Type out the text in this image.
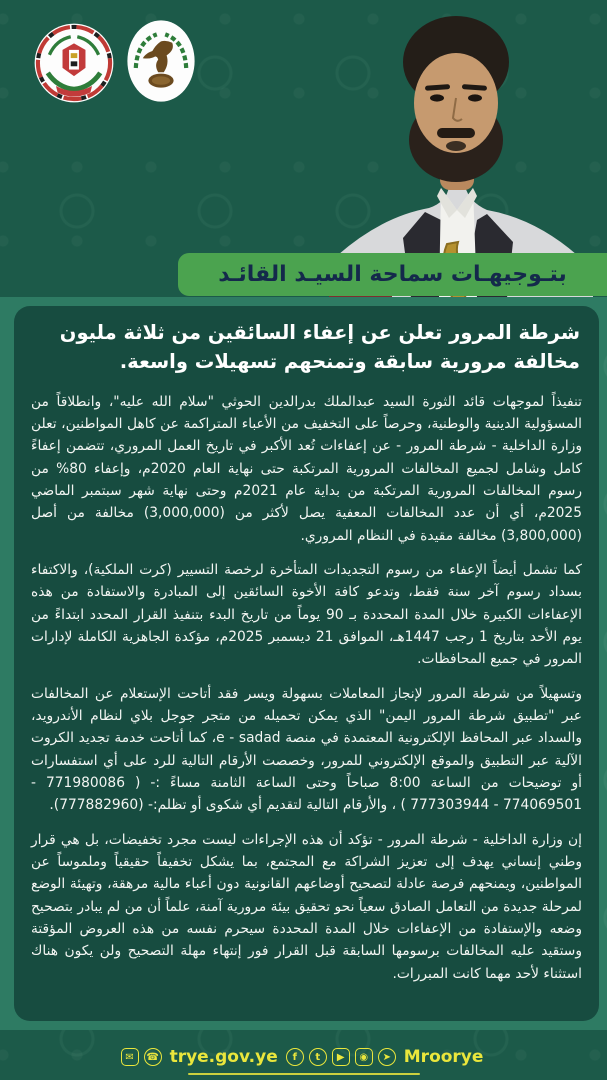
بتـوجيهـات سماحة السيـد القائـد
شرطة المرور تعلن عن إعفاء السائقين من ثلاثة مليون مخالفة مرورية سابقة وتمنحهم تسهيلات واسعة.

تنفيذاً لموجهات قائد الثورة السيد عبدالملك بدرالدين الحوثي "سلام الله عليه"، وانطلاقاً من المسؤولية الدينية والوطنية، وحرصاً على التخفيف من الأعباء المتراكمة عن كاهل المواطنين، تعلن وزارة الداخلية - شرطة المرور - عن إعفاءات تُعد الأكبر في تاريخ العمل المروري، تتضمن إعفاءً كامل وشامل لجميع المخالفات المرورية المرتكبة حتى نهاية العام 2020م، وإعفاء 80% من رسوم المخالفات المرورية المرتكبة من بداية عام 2021م وحتى نهاية شهر سبتمبر الماضي 2025م، أي أن عدد المخالفات المعفية يصل لأكثر من (3,000,000) مخالفة من أصل (3,800,000) مخالفة مقيدة في النظام المروري.

كما تشمل أيضاً الإعفاء من رسوم التجديدات المتأخرة لرخصة التسيير (كرت الملكية)، والاكتفاء بسداد رسوم آخر سنة فقط، وتدعو كافة الأخوة السائقين إلى المبادرة والاستفادة من هذه الإعفاءات الكبيرة خلال المدة المحددة بـ 90 يوماً من تاريخ البدء بتنفيذ القرار المحدد ابتداءً من يوم الأحد بتاريخ 1 رجب 1447هـ، الموافق 21 ديسمبر 2025م، مؤكدة الجاهزية الكاملة لإدارات المرور في جميع المحافظات.

وتسهيلاً من شرطة المرور لإنجاز المعاملات بسهولة ويسر فقد أتاحت الإستعلام عن المخالفات عبر "تطبيق شرطة المرور اليمن" الذي يمكن تحميله من متجر جوجل بلاي لنظام الأندرويد، والسداد عبر المحافظ الإلكترونية المعتمدة في منصة e - sadad، كما أتاحت خدمة تجديد الكروت الآلية عبر التطبيق والموقع الإلكتروني للمرور، وخصصت الأرقام التالية للرد على أي استفسارات أو توضيحات من الساعة 8:00 صباحاً وحتى الساعة الثامنة مساءً :- ( 771980086 - 774069501 - 777303944 ) ، والأرقام التالية لتقديم أي شكوى أو تظلم:- (777882960).

إن وزارة الداخلية - شرطة المرور - تؤكد أن هذه الإجراءات ليست مجرد تخفيضات، بل هي قرار وطني إنساني يهدف إلى تعزيز الشراكة مع المجتمع، بما يشكل تخفيفاً حقيقياً وملموساً عن المواطنين، ويمنحهم فرصة عادلة لتصحيح أوضاعهم القانونية دون أعباء مالية مرهقة، وتهيئة الوضع لمرحلة جديدة من التعامل الصادق سعياً نحو تحقيق بيئة مرورية آمنة، علماً أن من لم يبادر بتصحيح وضعه والإستفادة من الإعفاءات خلال المدة المحددة سيحرم نفسه من هذه العروض المؤقتة وستقيد عليه المخالفات برسومها السابقة قبل القرار فور إنتهاء مهلة التصحيح ولن يكون هناك استثناء لأحد مهما كانت المبررات.

✉	☎ trye.gov.ye	f	t	▶	◉	➤ Mroorye
